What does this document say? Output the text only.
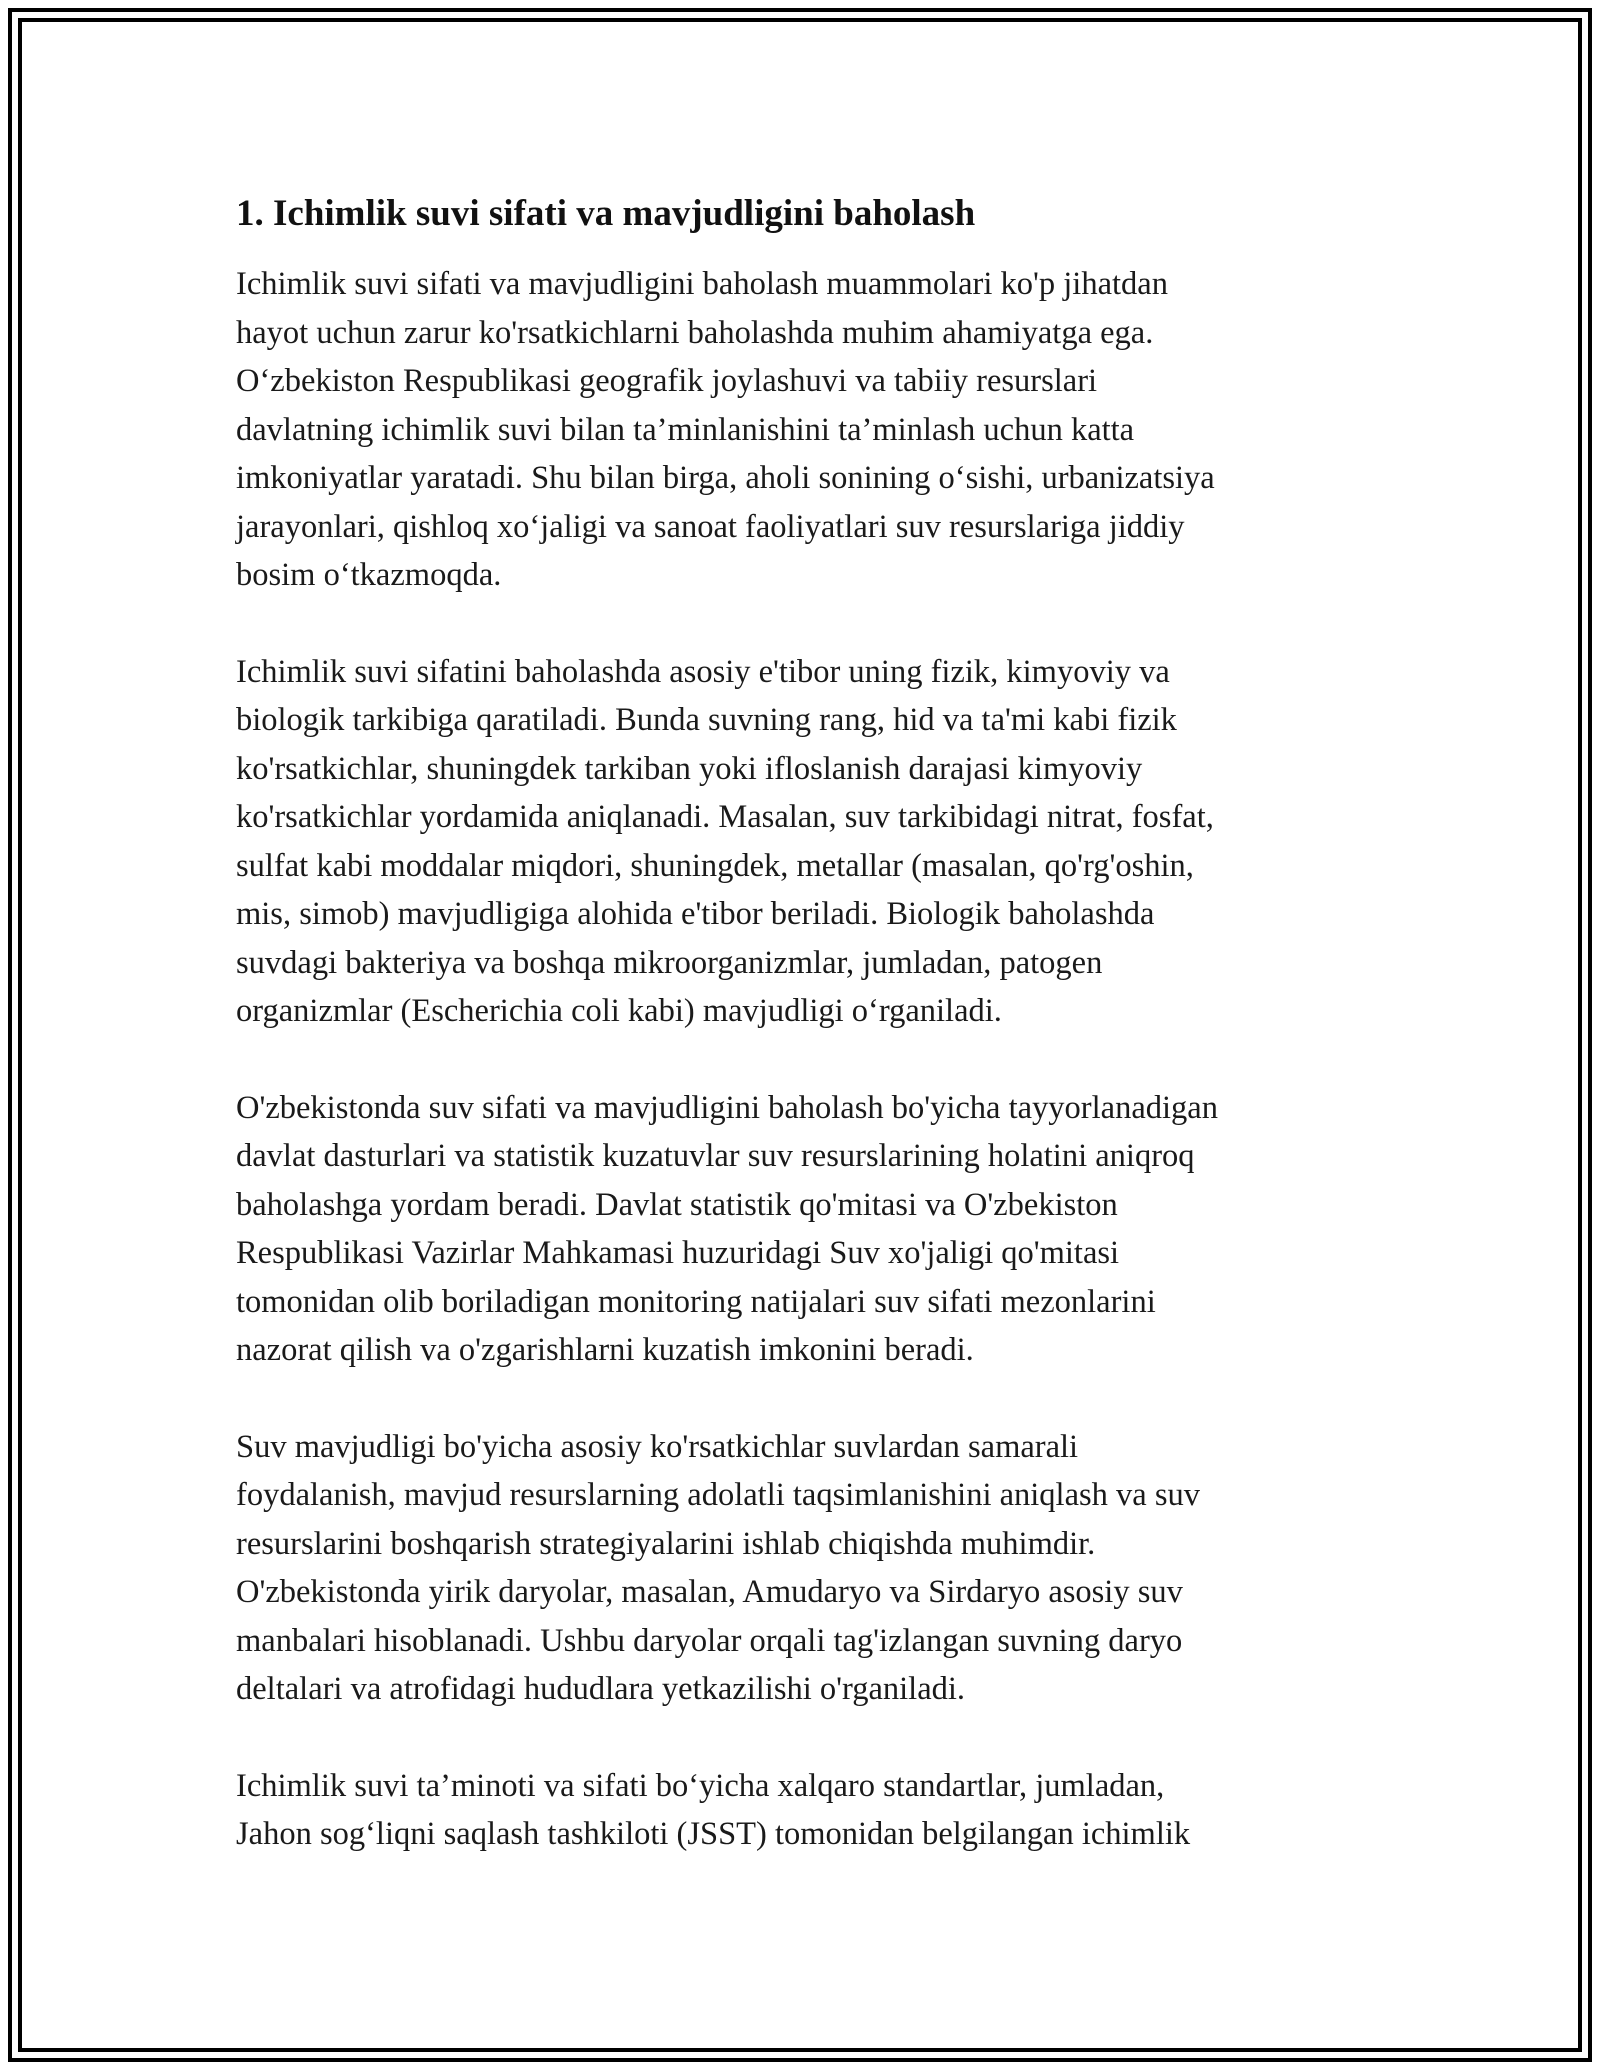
1. Ichimlik suvi sifati va mavjudligini baholash

Ichimlik suvi sifati va mavjudligini baholash muammolari ko'p jihatdan
hayot uchun zarur ko'rsatkichlarni baholashda muhim ahamiyatga ega.
O‘zbekiston Respublikasi geografik joylashuvi va tabiiy resurslari
davlatning ichimlik suvi bilan ta’minlanishini ta’minlash uchun katta
imkoniyatlar yaratadi. Shu bilan birga, aholi sonining o‘sishi, urbanizatsiya
jarayonlari, qishloq xo‘jaligi va sanoat faoliyatlari suv resurslariga jiddiy
bosim o‘tkazmoqda.

Ichimlik suvi sifatini baholashda asosiy e'tibor uning fizik, kimyoviy va
biologik tarkibiga qaratiladi. Bunda suvning rang, hid va ta'mi kabi fizik
ko'rsatkichlar, shuningdek tarkiban yoki ifloslanish darajasi kimyoviy
ko'rsatkichlar yordamida aniqlanadi. Masalan, suv tarkibidagi nitrat, fosfat,
sulfat kabi moddalar miqdori, shuningdek, metallar (masalan, qo'rg'oshin,
mis, simob) mavjudligiga alohida e'tibor beriladi. Biologik baholashda
suvdagi bakteriya va boshqa mikroorganizmlar, jumladan, patogen
organizmlar (Escherichia coli kabi) mavjudligi o‘rganiladi.

O'zbekistonda suv sifati va mavjudligini baholash bo'yicha tayyorlanadigan
davlat dasturlari va statistik kuzatuvlar suv resurslarining holatini aniqroq
baholashga yordam beradi. Davlat statistik qo'mitasi va O'zbekiston
Respublikasi Vazirlar Mahkamasi huzuridagi Suv xo'jaligi qo'mitasi
tomonidan olib boriladigan monitoring natijalari suv sifati mezonlarini
nazorat qilish va o'zgarishlarni kuzatish imkonini beradi.

Suv mavjudligi bo'yicha asosiy ko'rsatkichlar suvlardan samarali
foydalanish, mavjud resurslarning adolatli taqsimlanishini aniqlash va suv
resurslarini boshqarish strategiyalarini ishlab chiqishda muhimdir.
O'zbekistonda yirik daryolar, masalan, Amudaryo va Sirdaryo asosiy suv
manbalari hisoblanadi. Ushbu daryolar orqali tag'izlangan suvning daryo
deltalari va atrofidagi hududlara yetkazilishi o'rganiladi.

Ichimlik suvi ta’minoti va sifati bo‘yicha xalqaro standartlar, jumladan,
Jahon sog‘liqni saqlash tashkiloti (JSST) tomonidan belgilangan ichimlik
